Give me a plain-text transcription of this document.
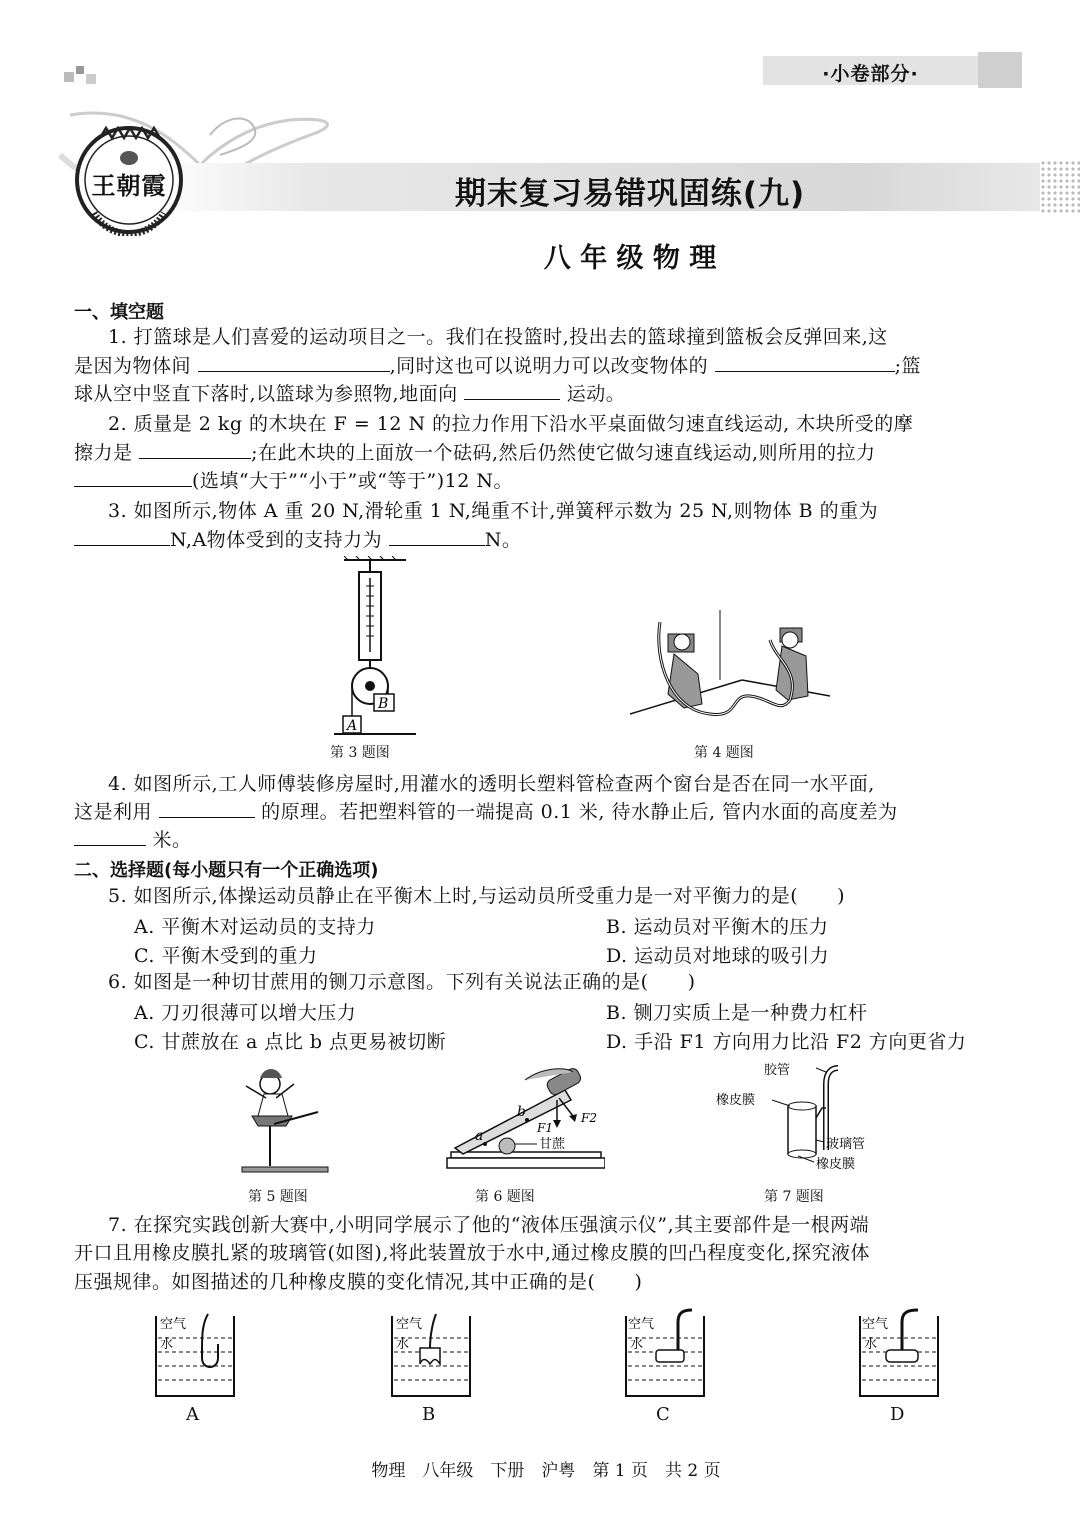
·小卷部分·
王朝霞	期末复习易错巩固练(九)
八 年 级 物 理
一、填空题

1. 打篮球是人们喜爱的运动项目之一。我们在投篮时,投出去的篮球撞到篮板会反弹回来,这

是因为物体间	,同时这也可以说明力可以改变物体的	;篮

球从空中竖直下落时,以篮球为参照物,地面向	运动。

2. 质量是 2 kg 的木块在 F = 12 N 的拉力作用下沿水平桌面做匀速直线运动, 木块所受的摩

擦力是	;在此木块的上面放一个砝码,然后仍然使它做匀速直线运动,则所用的拉力

(选填“大于”“小于”或“等于”)12 N。

3. 如图所示,物体 A 重 20 N,滑轮重 1 N,绳重不计,弹簧秤示数为 25 N,则物体 B 的重为

N,A物体受到的支持力为	N。

A
B
第 3 题图	第 4 题图

4. 如图所示,工人师傅装修房屋时,用灌水的透明长塑料管检查两个窗台是否在同一水平面,

这是利用	的原理。若把塑料管的一端提高 0.1 米, 待水静止后, 管内水面的高度差为

米。

二、选择题(每小题只有一个正确选项)

5. 如图所示,体操运动员静止在平衡木上时,与运动员所受重力是一对平衡力的是(　　)

A. 平衡木对运动员的支持力	B. 运动员对平衡木的压力
C. 平衡木受到的重力	D. 运动员对地球的吸引力

6. 如图是一种切甘蔗用的铡刀示意图。下列有关说法正确的是(　　)

A. 刀刃很薄可以增大压力	B. 铡刀实质上是一种费力杠杆
C. 甘蔗放在 a 点比 b 点更易被切断	D. 手沿 F1 方向用力比沿 F2 方向更省力
第 5 题图
a
b
F1
F2
甘蔗
第 6 题图
胶管
橡皮膜
玻璃管
橡皮膜
第 7 题图

7. 在探究实践创新大赛中,小明同学展示了他的“液体压强演示仪”,其主要部件是一根两端

开口且用橡皮膜扎紧的玻璃管(如图),将此装置放于水中,通过橡皮膜的凹凸程度变化,探究液体

压强规律。如图描述的几种橡皮膜的变化情况,其中正确的是(　　)

空气
水
A
空气
水
B
空气
水
C
空气
水
D
物理　八年级　下册　沪粤　第 1 页　共 2 页
